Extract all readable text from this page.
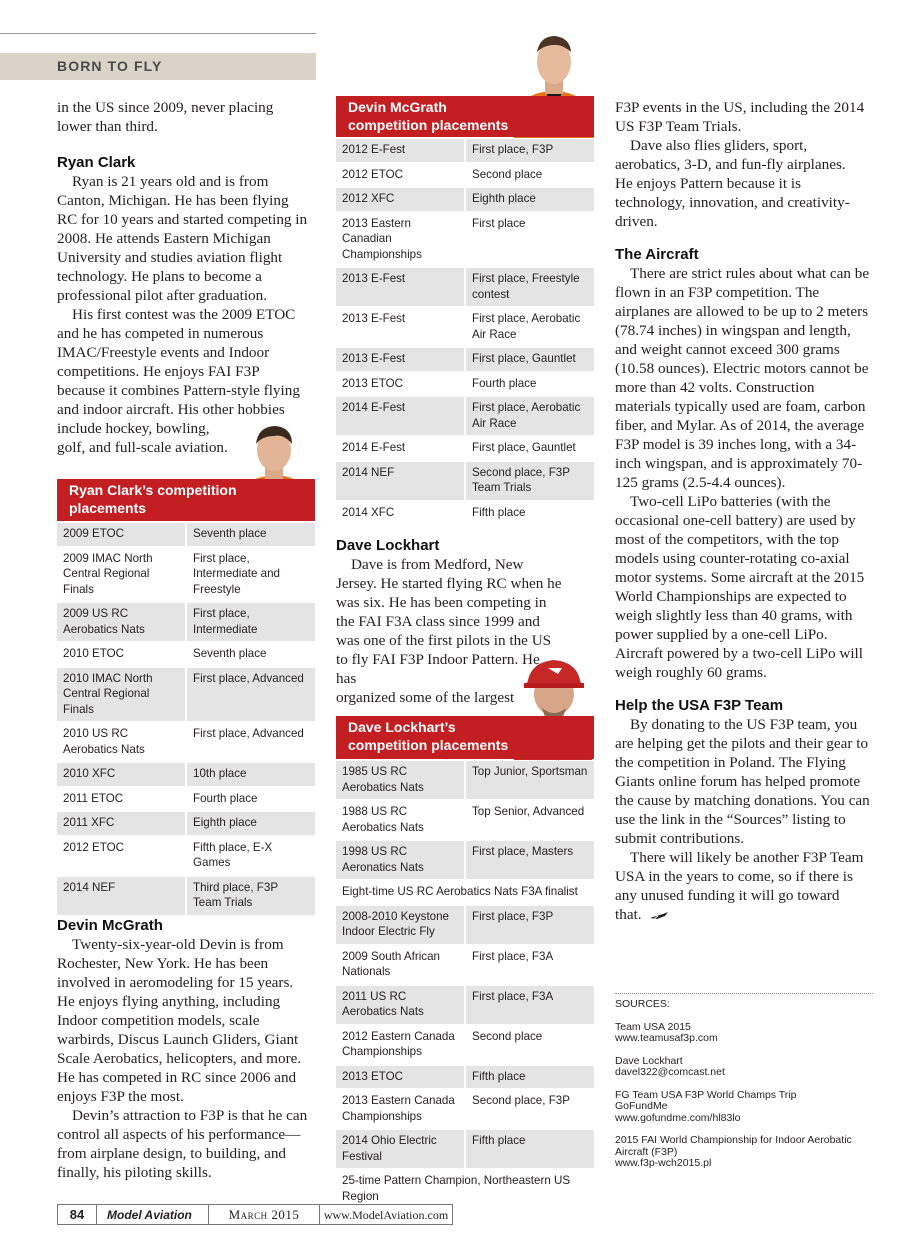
BORN TO FLY

in the US since 2009, never placing lower than third.

Ryan Clark

Ryan is 21 years old and is from Canton, Michigan. He has been flying RC for 10 years and started competing in 2008. He attends Eastern Michigan University and studies aviation flight technology. He plans to become a professional pilot after graduation.

His first contest was the 2009 ETOC and he has competed in numerous IMAC/Freestyle events and Indoor competitions. He enjoys FAI F3P because it combines Pattern-style flying and indoor aircraft. His other hobbies include hockey, bowling,

golf, and full-scale aviation.

Ryan Clark’s competition
placements
2009 ETOC	Seventh place
2009 IMAC North Central Regional Finals	First place, Intermediate and Freestyle
2009 US RC Aerobatics Nats	First place, Intermediate
2010 ETOC	Seventh place
2010 IMAC North Central Regional Finals	First place, Advanced
2010 US RC Aerobatics Nats	First place, Advanced
2010 XFC	10th place
2011 ETOC	Fourth place
2011 XFC	Eighth place
2012 ETOC	Fifth place, E-X Games
2014 NEF	Third place, F3P Team Trials
Devin McGrath

Twenty-six-year-old Devin is from Rochester, New York. He has been involved in aeromodeling for 15 years. He enjoys flying anything, including Indoor competition models, scale warbirds, Discus Launch Gliders, Giant Scale Aerobatics, helicopters, and more. He has competed in RC since 2006 and enjoys F3P the most.

Devin’s attraction to F3P is that he can control all aspects of his performance—from airplane design, to building, and finally, his piloting skills.

Devin McGrath
competition placements
2012 E-Fest	First place, F3P
2012 ETOC	Second place
2012 XFC	Eighth place
2013 Eastern Canadian Championships	First place
2013 E-Fest	First place, Freestyle contest
2013 E-Fest	First place, Aerobatic Air Race
2013 E-Fest	First place, Gauntlet
2013 ETOC	Fourth place
2014 E-Fest	First place, Aerobatic Air Race
2014 E-Fest	First place, Gauntlet
2014 NEF	Second place, F3P Team Trials
2014 XFC	Fifth place
Dave Lockhart

Dave is from Medford, New Jersey. He started flying RC when he was six. He has been competing in the FAI F3A class since 1999 and was one of the first pilots in the US to fly FAI F3P Indoor Pattern. He has

organized some of the largest

Dave Lockhart’s
competition placements
1985 US RC Aerobatics Nats	Top Junior, Sportsman
1988 US RC Aerobatics Nats	Top Senior, Advanced
1998 US RC Aeronatics Nats	First place, Masters
Eight-time US RC Aerobatics Nats F3A finalist	
2008-2010 Keystone Indoor Electric Fly	First place, F3P
2009 South African Nationals	First place, F3A
2011 US RC Aerobatics Nats	First place, F3A
2012 Eastern Canada Championships	Second place
2013 ETOC	Fifth place
2013 Eastern Canada Championships	Second place, F3P
2014 Ohio Electric Festival	Fifth place
25-time Pattern Champion, Northeastern US Region	

F3P events in the US, including the 2014 US F3P Team Trials.

Dave also flies gliders, sport, aerobatics, 3-D, and fun-fly airplanes. He enjoys Pattern because it is technology, innovation, and creativity-driven.

The Aircraft

There are strict rules about what can be flown in an F3P competition. The airplanes are allowed to be up to 2 meters (78.74 inches) in wingspan and length, and weight cannot exceed 300 grams (10.58 ounces). Electric motors cannot be more than 42 volts. Construction materials typically used are foam, carbon fiber, and Mylar. As of 2014, the average F3P model is 39 inches long, with a 34-inch wingspan, and is approximately 70-125 grams (2.5-4.4 ounces).

Two-cell LiPo batteries (with the occasional one-cell battery) are used by most of the competitors, with the top models using counter-rotating co-axial motor systems. Some aircraft at the 2015 World Championships are expected to weigh slightly less than 40 grams, with power supplied by a one-cell LiPo. Aircraft powered by a two-cell LiPo will weigh roughly 60 grams.

Help the USA F3P Team

By donating to the US F3P team, you are helping get the pilots and their gear to the competition in Poland. The Flying Giants online forum has helped promote the cause by matching donations. You can use the link in the “Sources” listing to submit contributions.

There will likely be another F3P Team USA in the years to come, so if there is any unused funding it will go toward that.

SOURCES:
Team USA 2015
www.teamusaf3p.com
Dave Lockhart
davel322@comcast.net
FG Team USA F3P World Champs Trip
GoFundMe
www.gofundme.com/hl83lo
2015 FAI World Championship for Indoor Aerobatic
Aircraft (F3P)
www.f3p-wch2015.pl
84	Model Aviation	March 2015	www.ModelAviation.com
